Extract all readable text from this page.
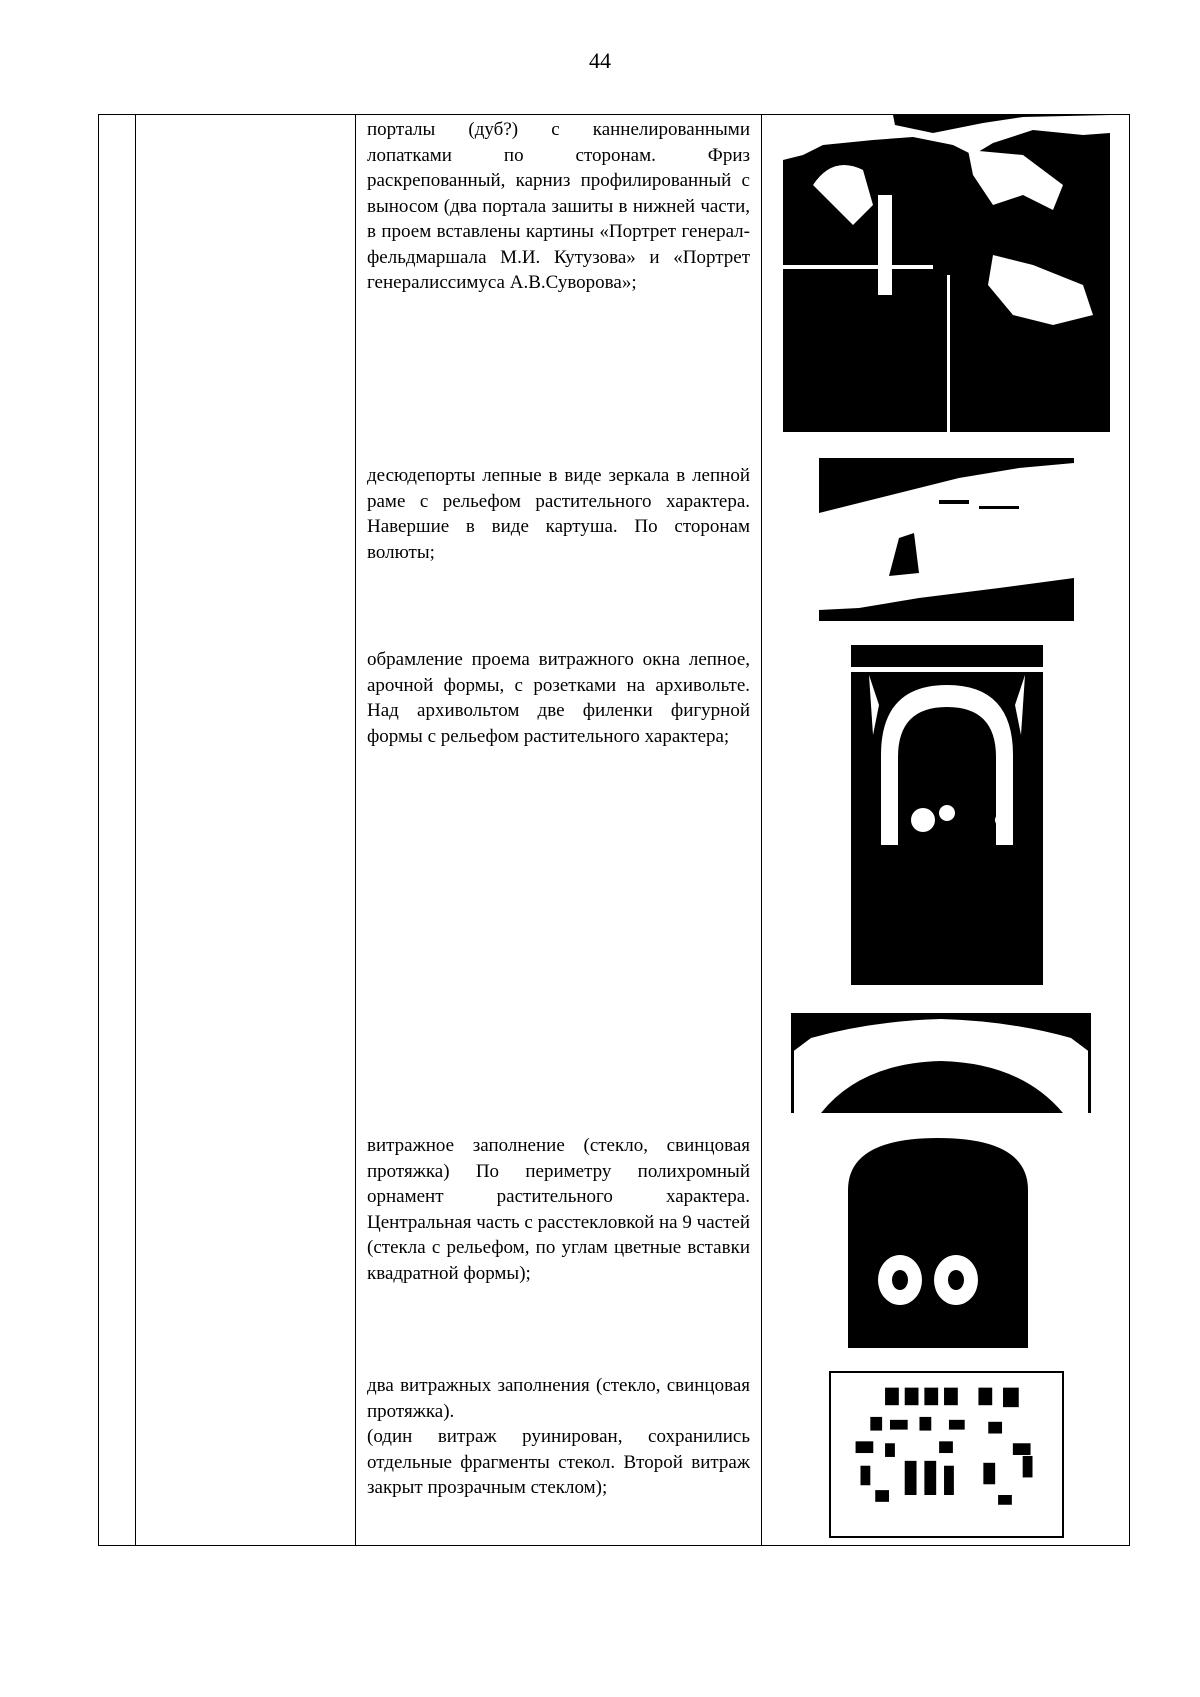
44

порталы (дуб?) с каннелированными лопатками по сторонам. Фриз раскрепованный, карниз профилированный с выносом (два портала зашиты в нижней части, в проем вставлены картины «Портрет генерал-фельдмаршала М.И. Кутузова» и «Портрет генералиссимуса А.В.Суворова»;

десюдепорты лепные в виде зеркала в лепной раме с рельефом растительного характера. Навершие в виде картуша. По сторонам волюты;

обрамление проема витражного окна лепное, арочной формы, с розетками на архивольте. Над архивольтом две филенки фигурной формы с рельефом растительного характера;

витражное заполнение (стекло, свинцовая протяжка) По периметру полихромный орнамент растительного характера. Центральная часть с расстекловкой на 9 частей (стекла с рельефом, по углам цветные вставки квадратной формы);

два витражных заполнения (стекло, свинцовая протяжка).

(один витраж руинирован, сохранились отдельные фрагменты стекол. Второй витраж закрыт прозрачным стеклом);
